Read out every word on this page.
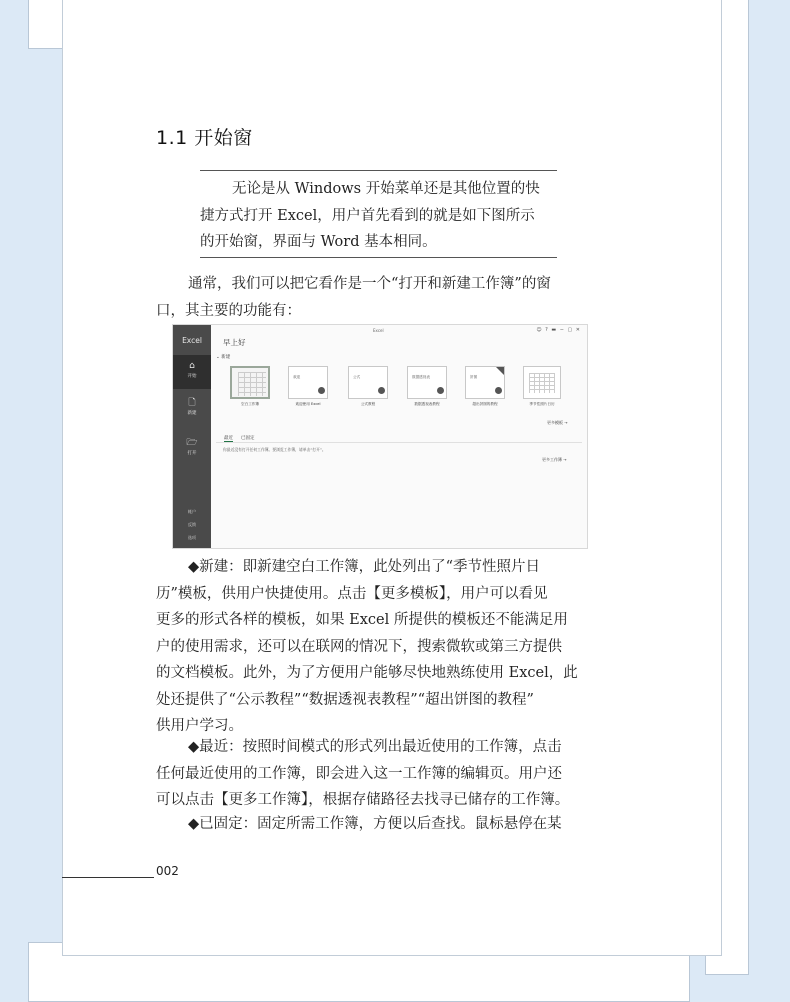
1.1 开始窗
无论是从 Windows 开始菜单还是其他位置的快
捷方式打开 Excel，用户首先看到的就是如下图所示
的开始窗，界面与 Word 基本相同。
通常，我们可以把它看作是一个“打开和新建工作簿”的窗
口，其主要的功能有：
Excel
⌂
开始
🗋
新建
🗁
打开
帐户
反馈
选项
Excel	☺ ? ▬ − ▢ ✕
早上好
⌄ 新建
空白工作簿
欢迎
欢迎使用 Excel
公式
公式教程
数据透视表
数据透视表教程
饼图
超出饼图的教程	季节性照片日历
更多模板 →
最近 已固定
你最近没有打开任何工作簿。要浏览工作簿，请单击“打开”。
更多工作簿 →
◆新建：即新建空白工作簿，此处列出了“季节性照片日
历”模板，供用户快捷使用。点击【更多模板】，用户可以看见
更多的形式各样的模板，如果 Excel 所提供的模板还不能满足用
户的使用需求，还可以在联网的情况下，搜索微软或第三方提供
的文档模板。此外，为了方便用户能够尽快地熟练使用 Excel，此
处还提供了“公示教程”“数据透视表教程”“超出饼图的教程”
供用户学习。
◆最近：按照时间模式的形式列出最近使用的工作簿，点击
任何最近使用的工作簿，即会进入这一工作簿的编辑页。用户还
可以点击【更多工作簿】，根据存储路径去找寻已储存的工作簿。
◆已固定：固定所需工作簿，方便以后查找。鼠标悬停在某
002
